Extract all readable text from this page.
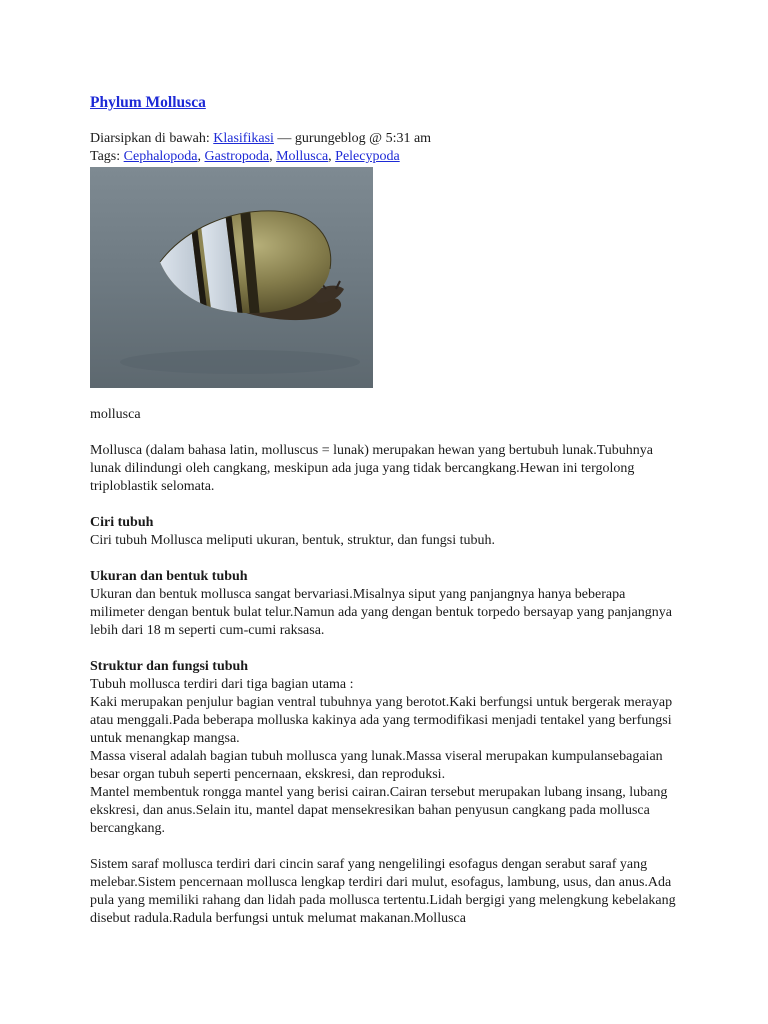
Phylum Mollusca
Diarsipkan di bawah: Klasifikasi — gurungeblog @ 5:31 am
Tags: Cephalopoda, Gastropoda, Mollusca, Pelecypoda
mollusca

Mollusca (dalam bahasa latin, molluscus = lunak) merupakan hewan yang bertubuh lunak.Tubuhnya lunak dilindungi oleh cangkang, meskipun ada juga yang tidak bercangkang.Hewan ini tergolong triploblastik selomata.

Ciri tubuh
Ciri tubuh Mollusca meliputi ukuran, bentuk, struktur, dan fungsi tubuh.
Ukuran dan bentuk tubuh
Ukuran dan bentuk mollusca sangat bervariasi.Misalnya siput yang panjangnya hanya beberapa milimeter dengan bentuk bulat telur.Namun ada yang dengan bentuk torpedo bersayap yang panjangnya lebih dari 18 m seperti cum-cumi raksasa.
Struktur dan fungsi tubuh
Tubuh mollusca terdiri dari tiga bagian utama :
Kaki merupakan penjulur bagian ventral tubuhnya yang berotot.Kaki berfungsi untuk bergerak merayap atau menggali.Pada beberapa molluska kakinya ada yang termodifikasi menjadi tentakel yang berfungsi untuk menangkap mangsa.
Massa viseral adalah bagian tubuh mollusca yang lunak.Massa viseral merupakan kumpulansebagaian besar organ tubuh seperti pencernaan, ekskresi, dan reproduksi.
Mantel membentuk rongga mantel yang berisi cairan.Cairan tersebut merupakan lubang insang, lubang ekskresi, dan anus.Selain itu, mantel dapat mensekresikan bahan penyusun cangkang pada mollusca bercangkang.

Sistem saraf mollusca terdiri dari cincin saraf yang nengelilingi esofagus dengan serabut saraf yang melebar.Sistem pencernaan mollusca lengkap terdiri dari mulut, esofagus, lambung, usus, dan anus.Ada pula yang memiliki rahang dan lidah pada mollusca tertentu.Lidah bergigi yang melengkung kebelakang disebut radula.Radula berfungsi untuk melumat makanan.Mollusca
